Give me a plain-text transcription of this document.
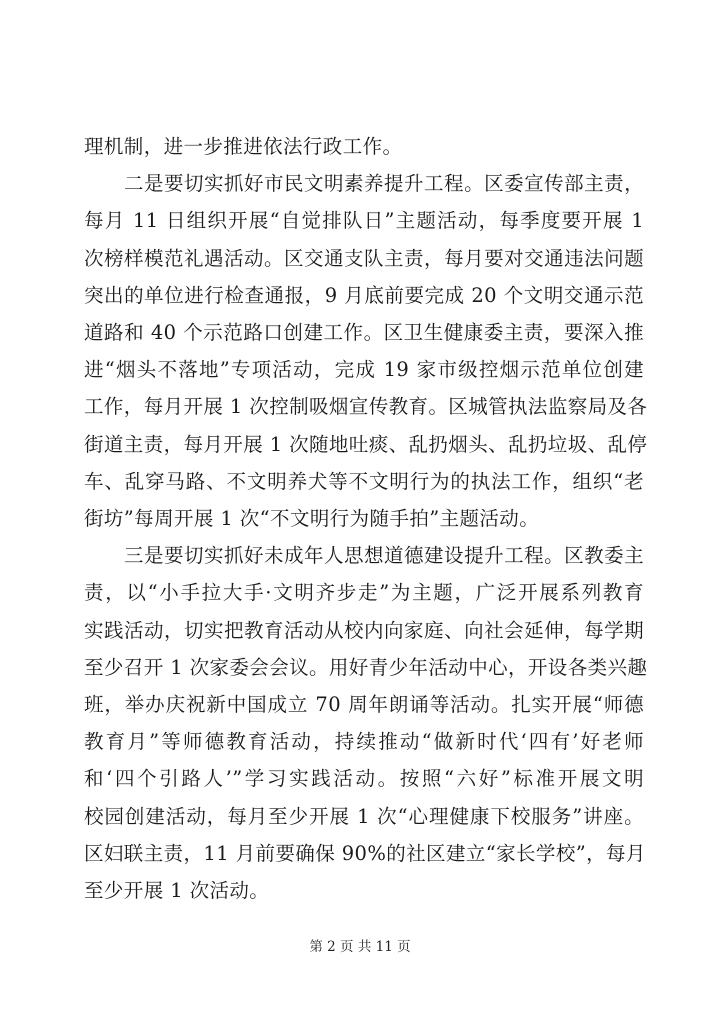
理机制，进一步推进依法行政工作。
二是要切实抓好市民文明素养提升工程。区委宣传部主责，
每月 11 日组织开展“自觉排队日”主题活动，每季度要开展 1
次榜样模范礼遇活动。区交通支队主责，每月要对交通违法问题
突出的单位进行检查通报，9 月底前要完成 20 个文明交通示范
道路和 40 个示范路口创建工作。区卫生健康委主责，要深入推
进“烟头不落地”专项活动，完成 19 家市级控烟示范单位创建
工作，每月开展 1 次控制吸烟宣传教育。区城管执法监察局及各
街道主责，每月开展 1 次随地吐痰、乱扔烟头、乱扔垃圾、乱停
车、乱穿马路、不文明养犬等不文明行为的执法工作，组织“老
街坊”每周开展 1 次“不文明行为随手拍”主题活动。
三是要切实抓好未成年人思想道德建设提升工程。区教委主
责，以“小手拉大手·文明齐步走”为主题，广泛开展系列教育
实践活动，切实把教育活动从校内向家庭、向社会延伸，每学期
至少召开 1 次家委会会议。用好青少年活动中心，开设各类兴趣
班，举办庆祝新中国成立 70 周年朗诵等活动。扎实开展“师德
教育月”等师德教育活动，持续推动“做新时代‘四有’好老师
和‘四个引路人’”学习实践活动。按照“六好”标准开展文明
校园创建活动，每月至少开展 1 次“心理健康下校服务”讲座。
区妇联主责，11 月前要确保 90%的社区建立“家长学校”，每月
至少开展 1 次活动。
第 2 页 共 11 页
